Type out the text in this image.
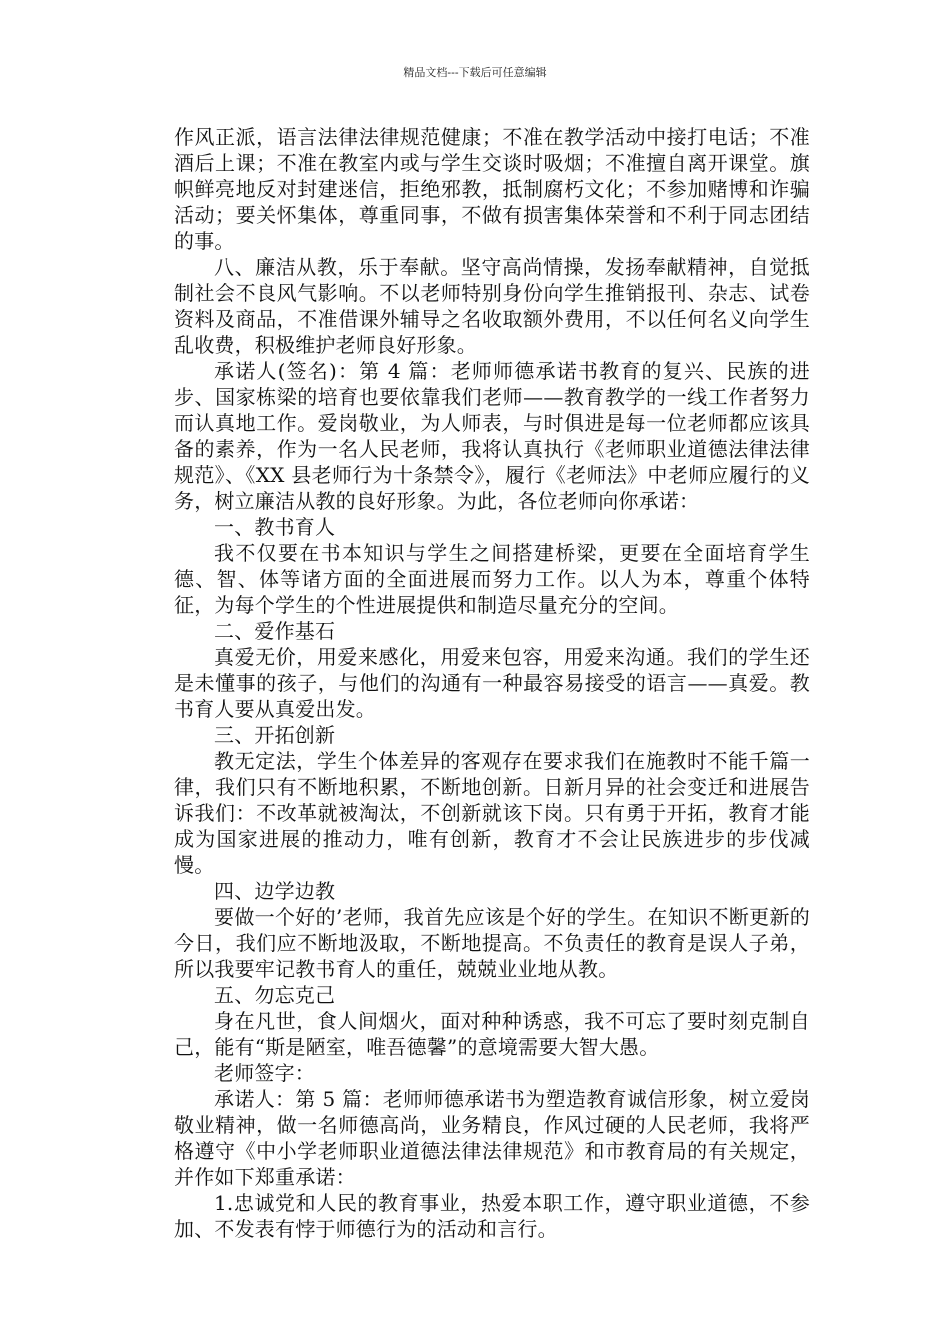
精品文档---下载后可任意编辑

作风正派，语言法律法律规范健康；不准在教学活动中接打电话；不准酒后上课；不准在教室内或与学生交谈时吸烟；不准擅自离开课堂。旗帜鲜亮地反对封建迷信，拒绝邪教，抵制腐朽文化；不参加赌博和诈骗活动；要关怀集体，尊重同事，不做有损害集体荣誉和不利于同志团结的事。

八、廉洁从教，乐于奉献。坚守高尚情操，发扬奉献精神，自觉抵制社会不良风气影响。不以老师特别身份向学生推销报刊、杂志、试卷资料及商品，不准借课外辅导之名收取额外费用，不以任何名义向学生乱收费，积极维护老师良好形象。

承诺人(签名)：第 4 篇：老师师德承诺书教育的复兴、民族的进步、国家栋梁的培育也要依靠我们老师——教育教学的一线工作者努力而认真地工作。爱岗敬业，为人师表，与时俱进是每一位老师都应该具备的素养，作为一名人民老师，我将认真执行《老师职业道德法律法律规范》、《XX 县老师行为十条禁令》，履行《老师法》中老师应履行的义务，树立廉洁从教的良好形象。为此，各位老师向你承诺：

一、教书育人

我不仅要在书本知识与学生之间搭建桥梁，更要在全面培育学生德、智、体等诸方面的全面进展而努力工作。以人为本，尊重个体特征，为每个学生的个性进展提供和制造尽量充分的空间。

二、爱作基石

真爱无价，用爱来感化，用爱来包容，用爱来沟通。我们的学生还是未懂事的孩子，与他们的沟通有一种最容易接受的语言——真爱。教书育人要从真爱出发。

三、开拓创新

教无定法，学生个体差异的客观存在要求我们在施教时不能千篇一律，我们只有不断地积累，不断地创新。日新月异的社会变迁和进展告诉我们：不改革就被淘汰，不创新就该下岗。只有勇于开拓，教育才能成为国家进展的推动力，唯有创新，教育才不会让民族进步的步伐减慢。

四、边学边教

要做一个好的’老师，我首先应该是个好的学生。在知识不断更新的今日，我们应不断地汲取，不断地提高。不负责任的教育是误人子弟，所以我要牢记教书育人的重任，兢兢业业地从教。

五、勿忘克己

身在凡世，食人间烟火，面对种种诱惑，我不可忘了要时刻克制自己，能有“斯是陋室，唯吾德馨”的意境需要大智大愚。

老师签字：

承诺人：第 5 篇：老师师德承诺书为塑造教育诚信形象，树立爱岗敬业精神，做一名师德高尚，业务精良，作风过硬的人民老师，我将严格遵守《中小学老师职业道德法律法律规范》和市教育局的有关规定，并作如下郑重承诺：

1.忠诚党和人民的教育事业，热爱本职工作，遵守职业道德，不参加、不发表有悖于师德行为的活动和言行。
